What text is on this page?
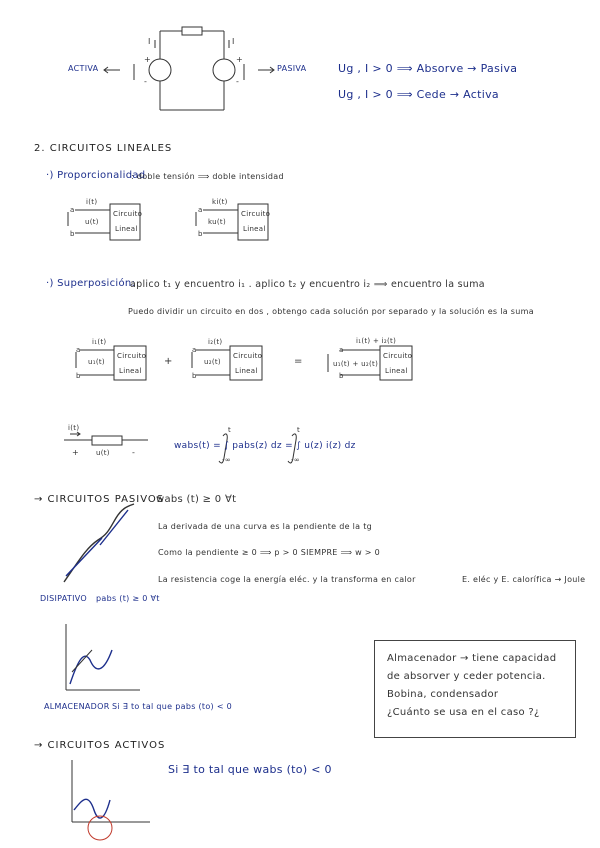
ACTIVA	PASIVA
I	I
+
-
+
-
Ug , I > 0 ⟹ Absorve → Pasiva
Ug , I > 0 ⟹ Cede → Activa
2. CIRCUITOS LINEALES
·) Proporcionalidad
: doble tensión ⟹ doble intensidad
i(t)
u(t)
a
b
Circuito
Lineal
ki(t)
ku(t)
a
b
Circuito
Lineal
·) Superposición:
aplico t₁ y encuentro i₁ . aplico t₂ y encuentro i₂ ⟹ encuentro la suma
Puedo dividir un circuito en dos , obtengo cada solución por separado y la solución es la suma
i₁(t)
u₁(t)
a
b
Circuito
Lineal
+
i₂(t)
u₂(t)
a
b
Circuito
Lineal
=
i₁(t) + i₂(t)
u₁(t) + u₂(t)
a
b
Circuito
Lineal
i(t)
+ u(t)	-
wabs(t) = ∫ pabs(z) dz = ∫ u(z) i(z) dz
t
-∞
t
-∞
→ CIRCUITOS PASIVOS
wabs (t) ≥ 0 ∀t
La derivada de una curva es la pendiente de la tg
Como la pendiente ≥ 0 ⟹ p > 0 SIEMPRE ⟹ w > 0
La resistencia coge la energía eléc. y la transforma en calor	E. eléc y E. calorífica → Joule
DISIPATIVO pabs (t) ≥ 0 ∀t
ALMACENADOR Si ∃ to tal que pabs (to) < 0
Almacenador → tiene capacidad
de absorver y ceder potencia.
Bobina, condensador
¿Cuánto se usa en el caso ?¿
→ CIRCUITOS ACTIVOS
Si ∃ to tal que wabs (to) < 0
